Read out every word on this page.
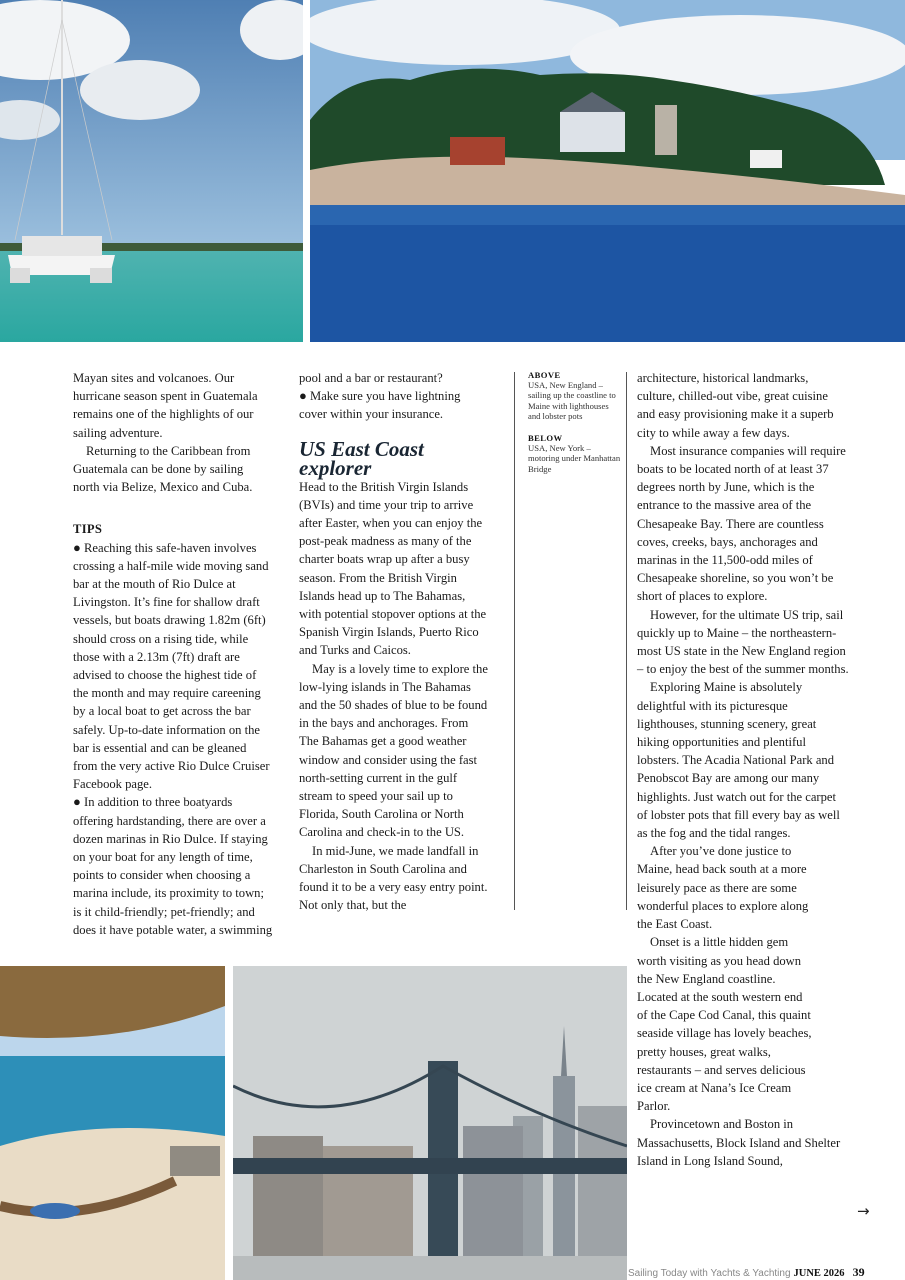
Mayan sites and volcanoes. Our hurricane season spent in Guatemala remains one of the highlights of our sailing adventure.

Returning to the Caribbean from Guatemala can be done by sailing north via Belize, Mexico and Cuba.

TIPS

● Reaching this safe-haven involves crossing a half-mile wide moving sand bar at the mouth of Rio Dulce at Livingston. It’s fine for shallow draft vessels, but boats drawing 1.82m (6ft) should cross on a rising tide, while those with a 2.13m (7ft) draft are advised to choose the highest tide of the month and may require careening by a local boat to get across the bar safely. Up-to-date information on the bar is essential and can be gleaned from the very active Rio Dulce Cruiser Facebook page.

● In addition to three boatyards offering hardstanding, there are over a dozen marinas in Rio Dulce. If staying on your boat for any length of time, points to consider when choosing a marina include, its proximity to town; is it child-friendly; pet-friendly; and does it have potable water, a swimming

pool and a bar or restaurant?

● Make sure you have lightning cover within your insurance.

US East Coast explorer

Head to the British Virgin Islands (BVIs) and time your trip to arrive after Easter, when you can enjoy the post-peak madness as many of the charter boats wrap up after a busy season. From the British Virgin Islands head up to The Bahamas, with potential stopover options at the Spanish Virgin Islands, Puerto Rico and Turks and Caicos.

May is a lovely time to explore the low-lying islands in The Bahamas and the 50 shades of blue to be found in the bays and anchorages. From The Bahamas get a good weather window and consider using the fast north-setting current in the gulf stream to speed your sail up to Florida, South Carolina or North Carolina and check-in to the US.

In mid-June, we made landfall in Charleston in South Carolina and found it to be a very easy entry point. Not only that, but the

ABOVE
USA, New England – sailing up the coastline to Maine with lighthouses and lobster pots
BELOW
USA, New York – motoring under Manhattan Bridge

architecture, historical landmarks, culture, chilled-out vibe, great cuisine and easy provisioning make it a superb city to while away a few days.

Most insurance companies will require boats to be located north of at least 37 degrees north by June, which is the entrance to the massive area of the Chesapeake Bay. There are countless coves, creeks, bays, anchorages and marinas in the 11,500-odd miles of Chesapeake shoreline, so you won’t be short of places to explore.

However, for the ultimate US trip, sail quickly up to Maine – the northeastern-most US state in the New England region – to enjoy the best of the summer months.

Exploring Maine is absolutely delightful with its picturesque lighthouses, stunning scenery, great hiking opportunities and plentiful lobsters. The Acadia National Park and Penobscot Bay are among our many highlights. Just watch out for the carpet of lobster pots that fill every bay as well as the fog and the tidal ranges.

After you’ve done justice to Maine, head back south at a more leisurely pace as there are some wonderful places to explore along the East Coast.

Onset is a little hidden gem worth visiting as you head down the New England coastline. Located at the south western end of the Cape Cod Canal, this quaint seaside village has lovely beaches, pretty houses, great walks, restaurants – and serves delicious ice cream at Nana’s Ice Cream Parlor.

Provincetown and Boston in Massachusetts, Block Island and Shelter Island in Long Island Sound,

→
Sailing Today with Yachts & Yachting JUNE 2026 39
